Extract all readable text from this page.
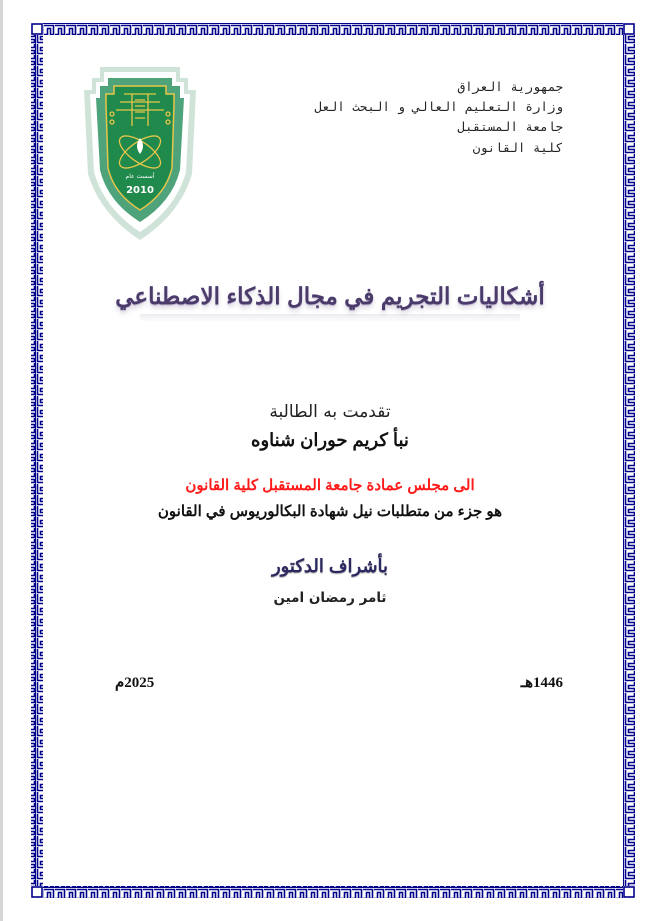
أسست عام
2010
جمهورية العراق
وزارة التعليم العالي و البحث العل
جامعة المستقبل
كلية القانون
أشكاليات التجريم في مجال الذكاء الاصطناعي
تقدمت به الطالبة
نبأ كريم حوران شناوه
الى مجلس عمادة جامعة المستقبل كلية القانون
هو جزء من متطلبات نيل شهادة البكالوريوس في القانون
بأشراف الدكتور
ثامر رمضان امين
1446هـ
2025م
